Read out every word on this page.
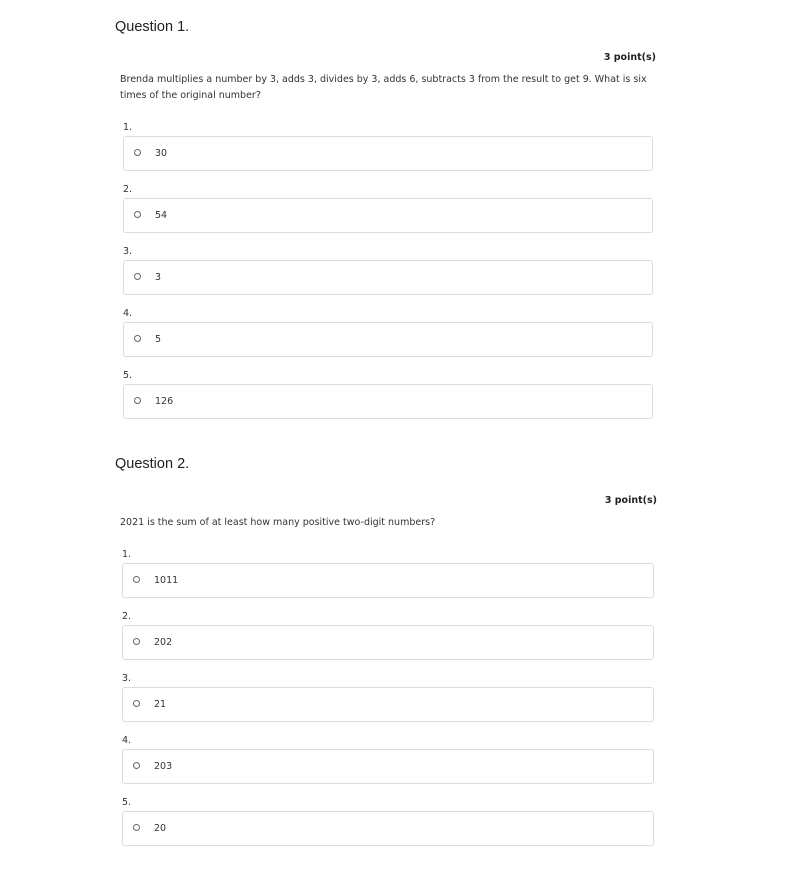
Question 1.
3 point(s)
Brenda multiplies a number by 3, adds 3, divides by 3, adds 6, subtracts 3 from the result to get 9. What is six times of the original number?
1.
30
2.
54
3.
3
4.
5
5.
126
Question 2.
3 point(s)
2021 is the sum of at least how many positive two-digit numbers?
1.
1011
2.
202
3.
21
4.
203
5.
20
